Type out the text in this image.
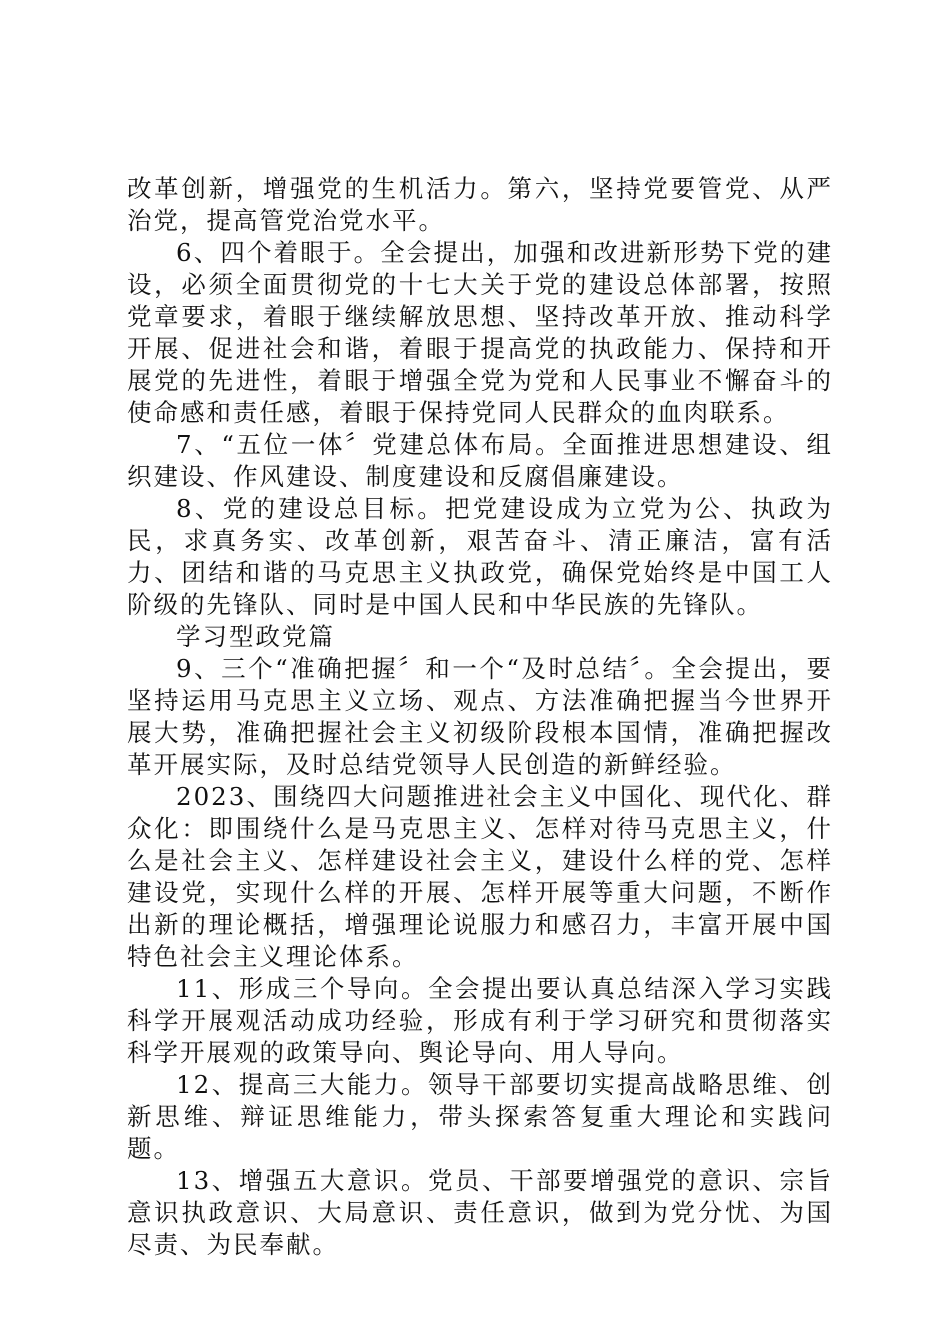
改革创新，增强党的生机活力。第六，坚持党要管党、从严治党，提高管党治党水平。

6、四个着眼于。全会提出，加强和改进新形势下党的建设，必须全面贯彻党的十七大关于党的建设总体部署，按照党章要求，着眼于继续解放思想、坚持改革开放、推动科学开展、促进社会和谐，着眼于提高党的执政能力、保持和开展党的先进性，着眼于增强全党为党和人民事业不懈奋斗的使命感和责任感，着眼于保持党同人民群众的血肉联系。

7、“五位一体〞党建总体布局。全面推进思想建设、组织建设、作风建设、制度建设和反腐倡廉建设。

8、党的建设总目标。把党建设成为立党为公、执政为民，求真务实、改革创新，艰苦奋斗、清正廉洁，富有活力、团结和谐的马克思主义执政党，确保党始终是中国工人阶级的先锋队、同时是中国人民和中华民族的先锋队。

学习型政党篇

9、三个“准确把握〞和一个“及时总结〞。全会提出，要坚持运用马克思主义立场、观点、方法准确把握当今世界开展大势，准确把握社会主义初级阶段根本国情，准确把握改革开展实际，及时总结党领导人民创造的新鲜经验。

2023、围绕四大问题推进社会主义中国化、现代化、群众化：即围绕什么是马克思主义、怎样对待马克思主义，什么是社会主义、怎样建设社会主义，建设什么样的党、怎样建设党，实现什么样的开展、怎样开展等重大问题，不断作出新的理论概括，增强理论说服力和感召力，丰富开展中国特色社会主义理论体系。

11、形成三个导向。全会提出要认真总结深入学习实践科学开展观活动成功经验，形成有利于学习研究和贯彻落实科学开展观的政策导向、舆论导向、用人导向。

12、提高三大能力。领导干部要切实提高战略思维、创新思维、辩证思维能力，带头探索答复重大理论和实践问题。

13、增强五大意识。党员、干部要增强党的意识、宗旨意识执政意识、大局意识、责任意识，做到为党分忧、为国尽责、为民奉献。
